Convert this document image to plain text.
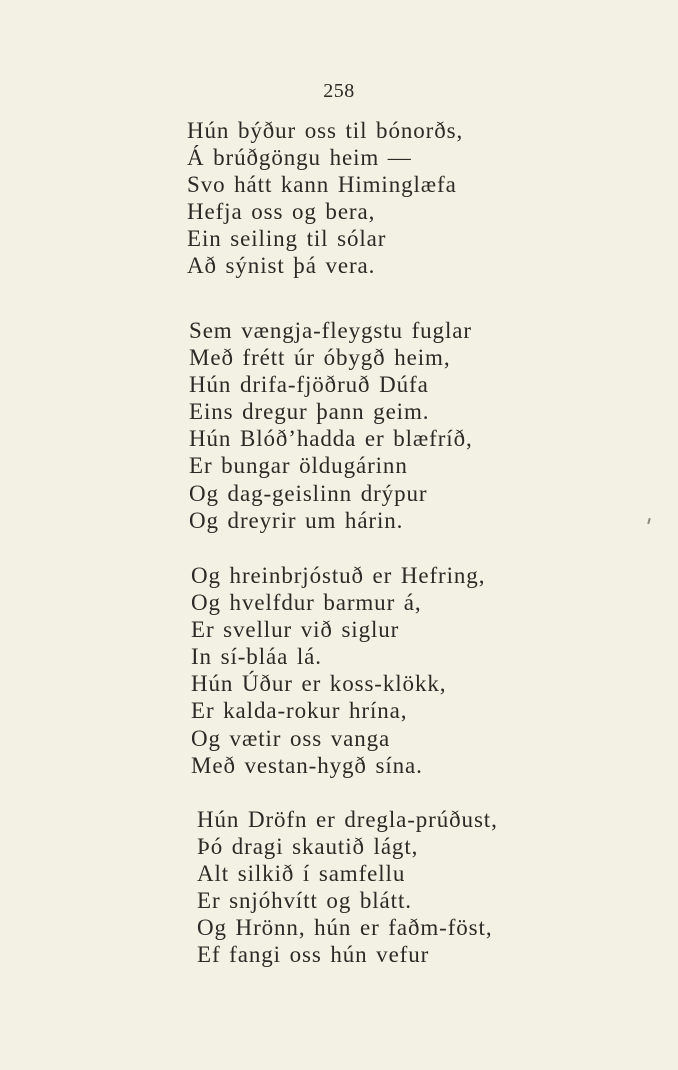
258
Hún býður oss til bónorðs,
Á brúðgöngu heim —
Svo hátt kann Himinglæfa
Hefja oss og bera,
Ein seiling til sólar
Að sýnist þá vera.
Sem vængja-fleygstu fuglar
Með frétt úr óbygð heim,
Hún drifa-fjöðruð Dúfa
Eins dregur þann geim.
Hún Blóð’hadda er blæfríð,
Er bungar öldugárinn
Og dag-geislinn drýpur
Og dreyrir um hárin.
Og hreinbrjóstuð er Hefring,
Og hvelfdur barmur á,
Er svellur við siglur
In sí-bláa lá.
Hún Úður er koss-klökk,
Er kalda-rokur hrína,
Og vætir oss vanga
Með vestan-hygð sína.
Hún Dröfn er dregla-prúðust,
Þó dragi skautið lágt,
Alt silkið í samfellu
Er snjóhvítt og blátt.
Og Hrönn, hún er faðm-föst,
Ef fangi oss hún vefur
